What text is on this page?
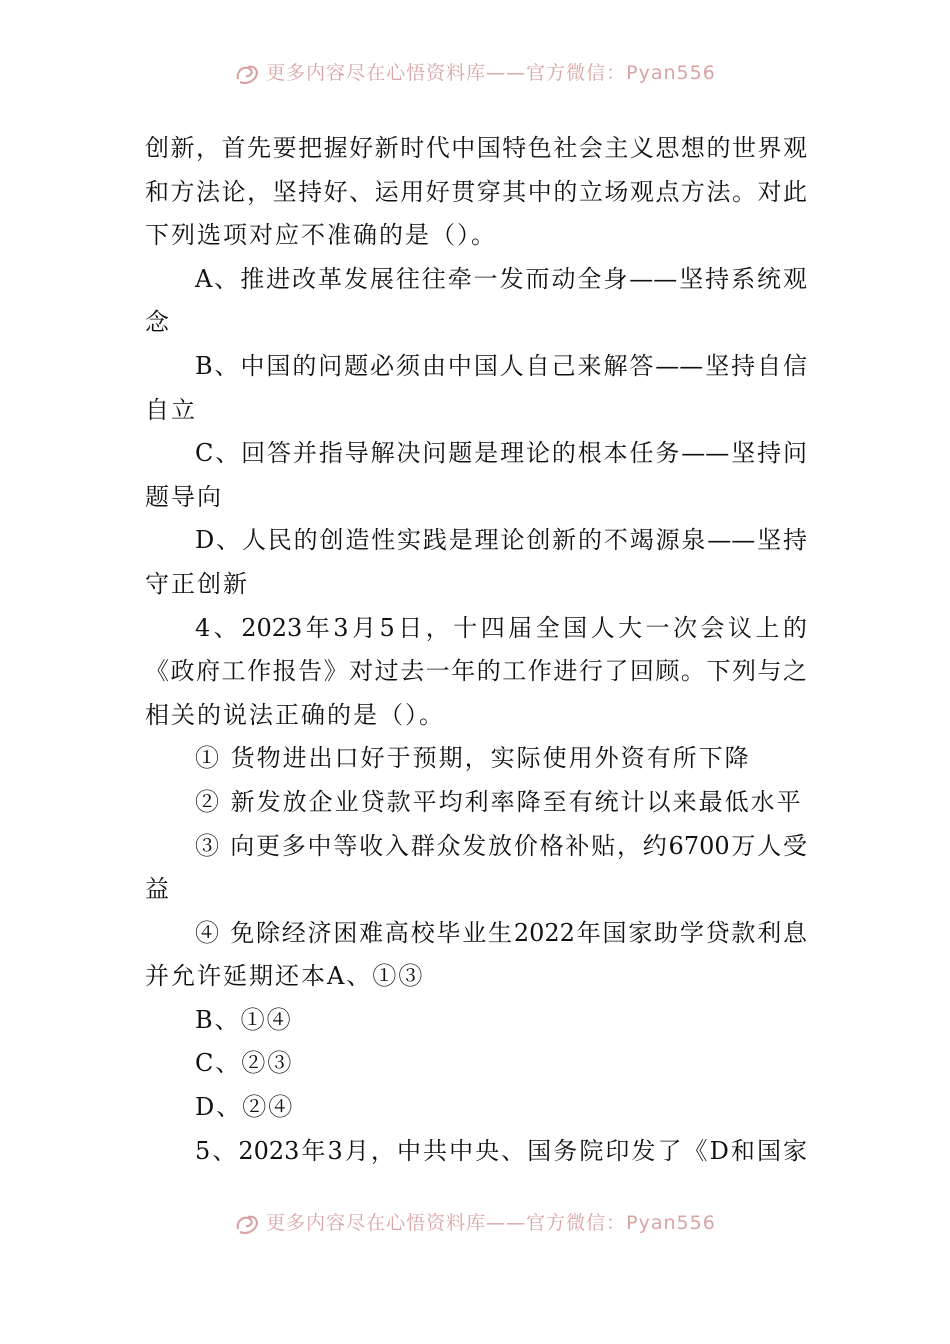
更多内容尽在心悟资料库——官方微信：Pyan556
创新，首先要把握好新时代中国特色社会主义思想的世界观
和方法论，坚持好、运用好贯穿其中的立场观点方法。对此
下列选项对应不准确的是（）。
A、推进改革发展往往牵一发而动全身——坚持系统观
念
B、中国的问题必须由中国人自己来解答——坚持自信
自立
C、回答并指导解决问题是理论的根本任务——坚持问
题导向
D、人民的创造性实践是理论创新的不竭源泉——坚持
守正创新
4、2023年3月5日，十四届全国人大一次会议上的
《政府工作报告》对过去一年的工作进行了回顾。下列与之
相关的说法正确的是（）。
① 货物进出口好于预期，实际使用外资有所下降
② 新发放企业贷款平均利率降至有统计以来最低水平
③ 向更多中等收入群众发放价格补贴，约6700万人受
益
④ 免除经济困难高校毕业生2022年国家助学贷款利息
并允许延期还本A、①③
B、①④
C、②③
D、②④
5、2023年3月，中共中央、国务院印发了《D和国家
更多内容尽在心悟资料库——官方微信：Pyan556
